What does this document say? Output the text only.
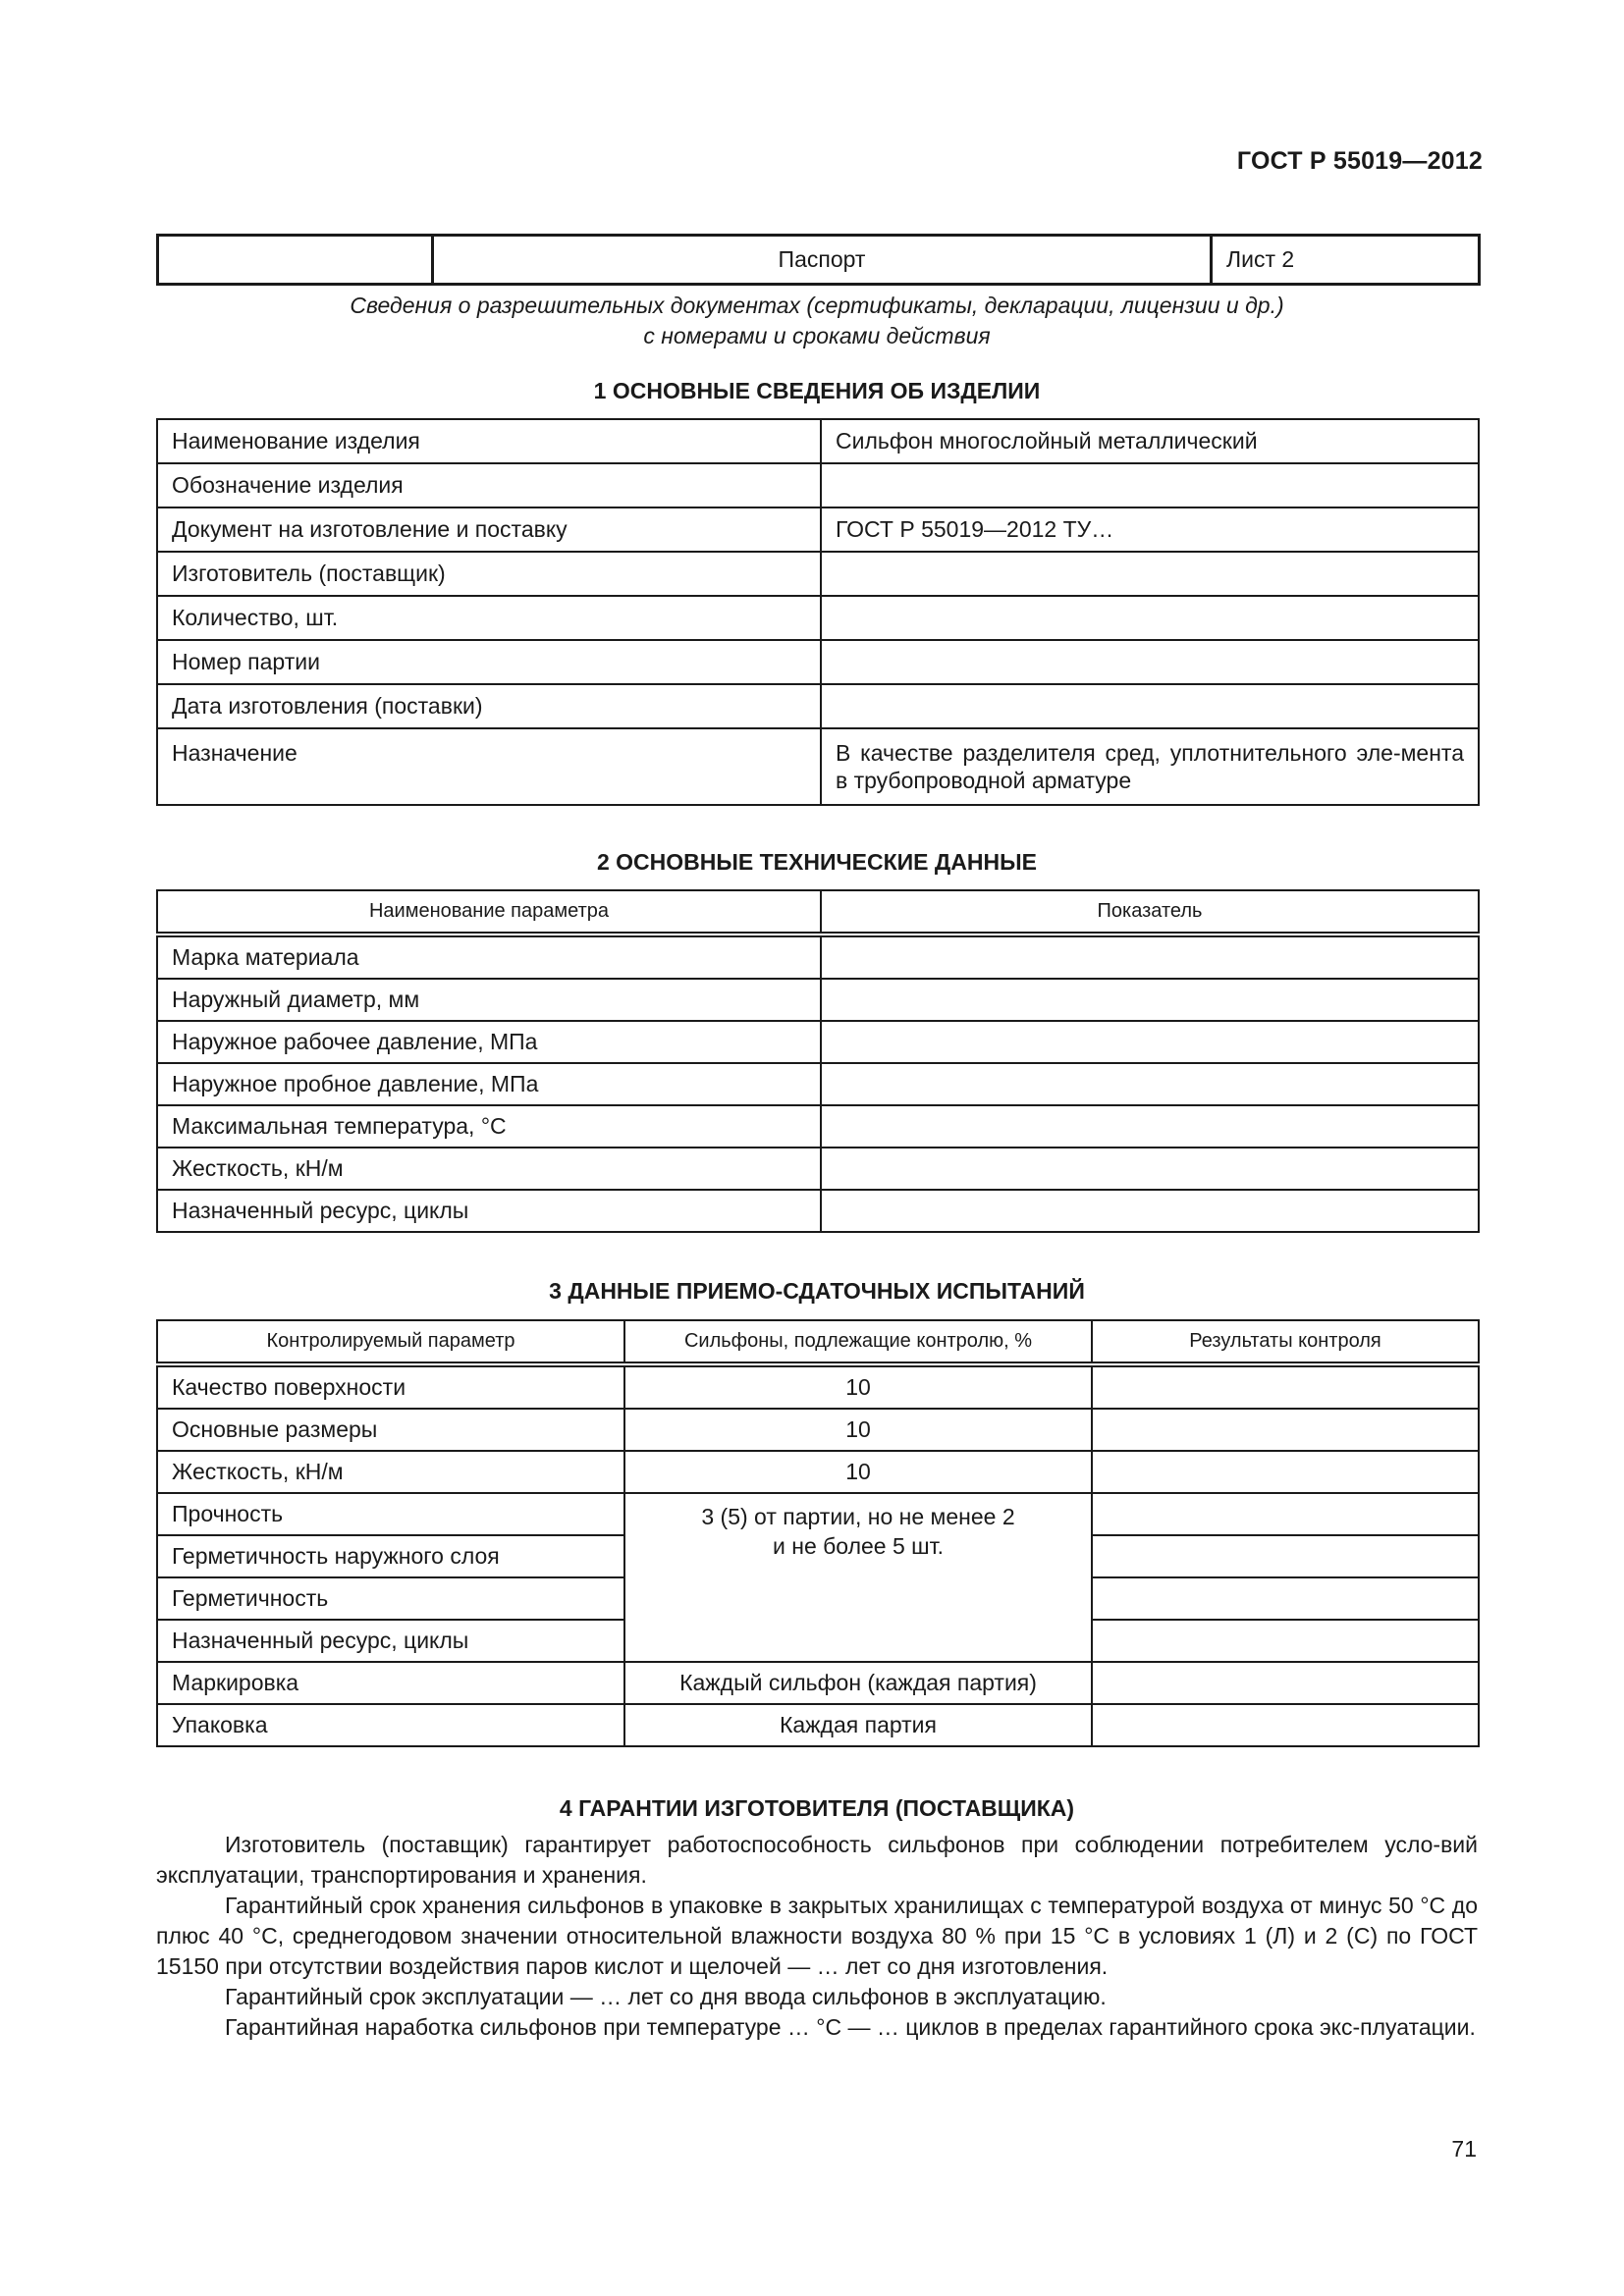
ГОСТ Р 55019—2012
	Паспорт	Лист 2
Сведения о разрешительных документах (сертификаты, декларации, лицензии и др.)
с номерами и сроками действия
1 ОСНОВНЫЕ СВЕДЕНИЯ ОБ ИЗДЕЛИИ
Наименование изделия	Сильфон многослойный металлический
Обозначение изделия	
Документ на изготовление и поставку	ГОСТ Р 55019—2012 ТУ…
Изготовитель (поставщик)	
Количество, шт.	
Номер партии	
Дата изготовления (поставки)	
Назначение	В качестве разделителя сред, уплотнительного эле-мента в трубопроводной арматуре
2 ОСНОВНЫЕ ТЕХНИЧЕСКИЕ ДАННЫЕ
Наименование параметра	Показатель
Марка материала	
Наружный диаметр, мм	
Наружное рабочее давление, МПа	
Наружное пробное давление, МПа	
Максимальная температура, °С	
Жесткость, кН/м	
Назначенный ресурс, циклы	
3 ДАННЫЕ ПРИЕМО-СДАТОЧНЫХ ИСПЫТАНИЙ
Контролируемый параметр	Сильфоны, подлежащие контролю, %	Результаты контроля
Качество поверхности	10	
Основные размеры	10	
Жесткость, кН/м	10	
Прочность	3 (5) от партии, но не менее 2
и не более 5 шт.	

Герметичность наружного слоя		
Герметичность		
Назначенный ресурс, циклы		
Маркировка	Каждый сильфон (каждая партия)	
Упаковка	Каждая партия	
4 ГАРАНТИИ ИЗГОТОВИТЕЛЯ (ПОСТАВЩИКА)

Изготовитель (поставщик) гарантирует работоспособность сильфонов при соблюдении потребителем усло-вий эксплуатации, транспортирования и хранения.

Гарантийный срок хранения сильфонов в упаковке в закрытых хранилищах с температурой воздуха от минус 50 °С до плюс 40 °С, среднегодовом значении относительной влажности воздуха 80 % при 15 °С в условиях 1 (Л) и 2 (С) по ГОСТ 15150 при отсутствии воздействия паров кислот и щелочей — … лет со дня изготовления.

Гарантийный срок эксплуатации — … лет со дня ввода сильфонов в эксплуатацию.

Гарантийная наработка сильфонов при температуре … °С — … циклов в пределах гарантийного срока экс-плуатации.

71
